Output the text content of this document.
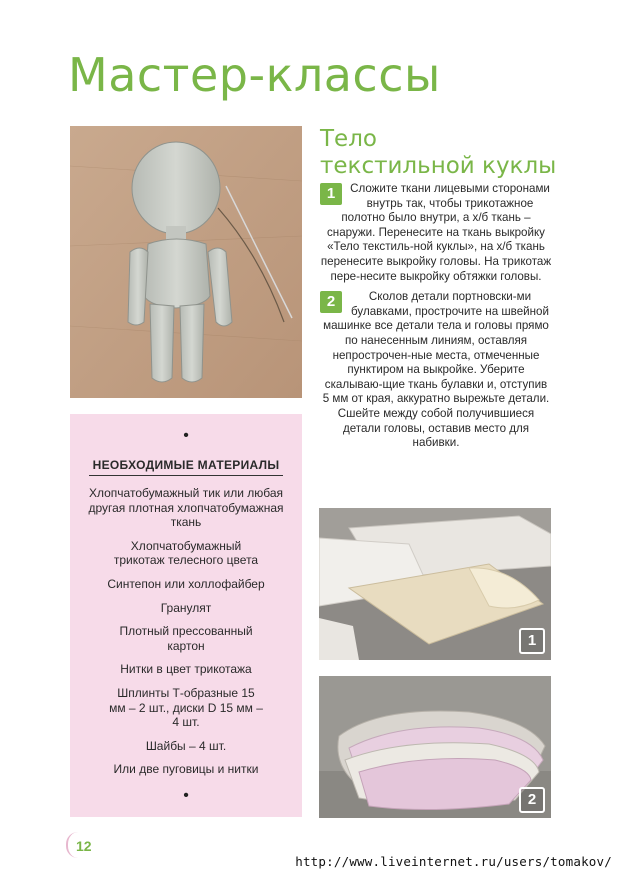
Мастер-классы
Тело
текстильной куклы
1	Сложите ткани лицевыми сторонами внутрь так, чтобы трикотажное полотно было внутри, а х/б ткань – снаружи. Перенесите на ткань выкройку «Тело текстиль-ной куклы», на х/б ткань перенесите выкройку головы. На трикотаж пере-несите выкройку обтяжки головы.
2	Сколов детали портновски-ми булавками, прострочите на швейной машинке все детали тела и головы прямо по нанесенным линиям, оставляя непрострочен-ные места, отмеченные пунктиром на выкройке. Уберите скалываю-щие ткань булавки и, отступив 5 мм от края, аккуратно вырежьте детали. Сшейте между собой получившиеся детали головы, оставив место для набивки.
•
НЕОБХОДИМЫЕ МАТЕРИАЛЫ
Хлопчатобумажный тик или любая другая плотная хлопчатобумажная ткань
Хлопчатобумажный трикотаж телесного цвета
Синтепон или холлофайбер
Гранулят
Плотный прессованный картон
Нитки в цвет трикотажа
Шплинты Т-образные 15 мм – 2 шт., диски D 15 мм – 4 шт.
Шайбы – 4 шт.
Или две пуговицы и нитки
•
1
2
12
http://www.liveinternet.ru/users/tomakov/
